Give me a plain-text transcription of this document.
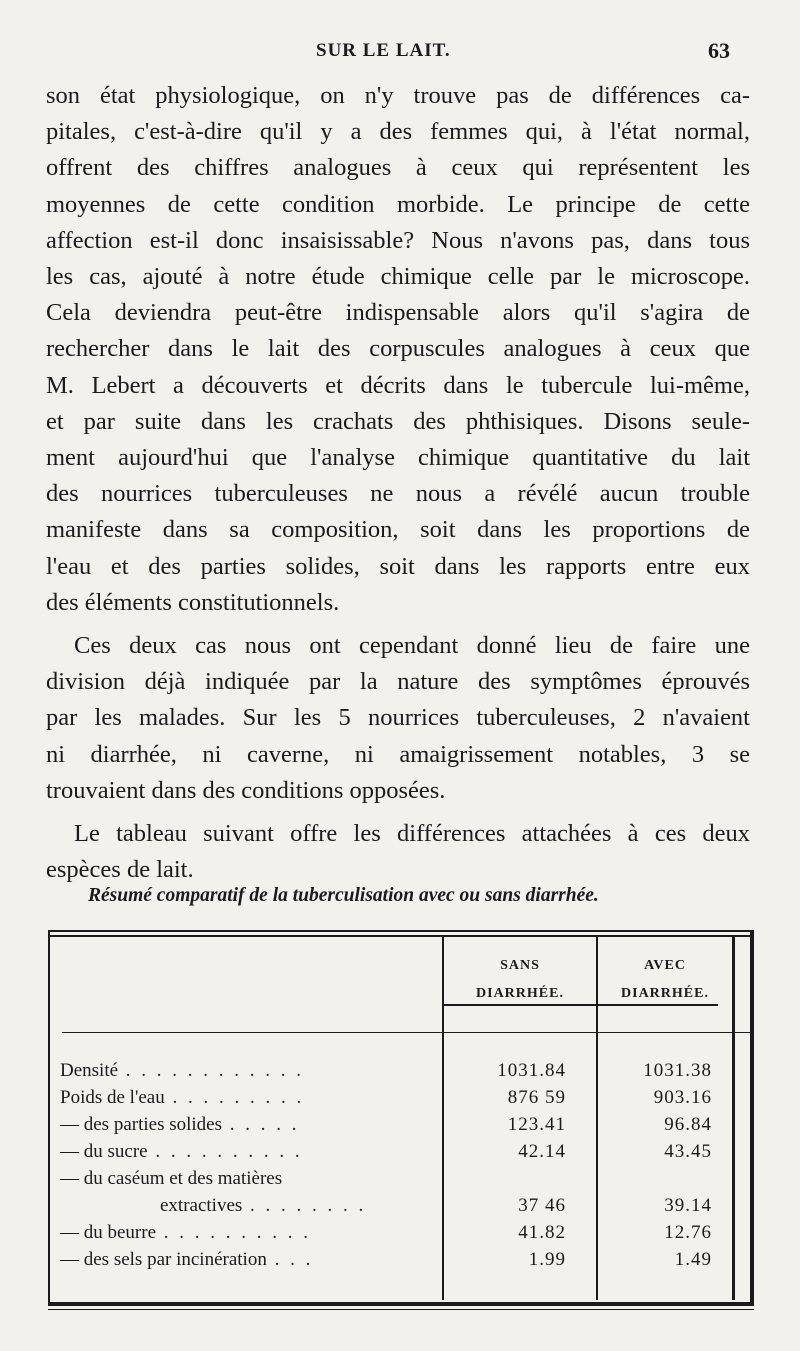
SUR LE LAIT.	63
son état physiologique, on n'y trouve pas de différences ca-
pitales, c'est-à-dire qu'il y a des femmes qui, à l'état normal,
offrent des chiffres analogues à ceux qui représentent les
moyennes de cette condition morbide. Le principe de cette
affection est-il donc insaisissable? Nous n'avons pas, dans tous
les cas, ajouté à notre étude chimique celle par le microscope.
Cela deviendra peut-être indispensable alors qu'il s'agira de
rechercher dans le lait des corpuscules analogues à ceux que
M. Lebert a découverts et décrits dans le tubercule lui-même,
et par suite dans les crachats des phthisiques. Disons seule-
ment aujourd'hui que l'analyse chimique quantitative du lait
des nourrices tuberculeuses ne nous a révélé aucun trouble
manifeste dans sa composition, soit dans les proportions de
l'eau et des parties solides, soit dans les rapports entre eux
des éléments constitutionnels.
Ces deux cas nous ont cependant donné lieu de faire une
division déjà indiquée par la nature des symptômes éprouvés
par les malades. Sur les 5 nourrices tuberculeuses, 2 n'avaient
ni diarrhée, ni caverne, ni amaigrissement notables, 3 se
trouvaient dans des conditions opposées.
Le tableau suivant offre les différences attachées à ces deux
espèces de lait.
Résumé comparatif de la tuberculisation avec ou sans diarrhée.
SANS
DIARRHÉE.
AVEC
DIARRHÉE.
Densité . . . . . . . . . . . .	1031.84	1031.38
Poids de l'eau . . . . . . . . .	876 59	903.16
— des parties solides . . . . .	123.41	96.84
— du sucre . . . . . . . . . .	42.14	43.45
— du caséum et des matières
extractives . . . . . . . .	37 46	39.14
— du beurre . . . . . . . . . .	41.82	12.76
— des sels par incinération . . .	1.99	1.49
